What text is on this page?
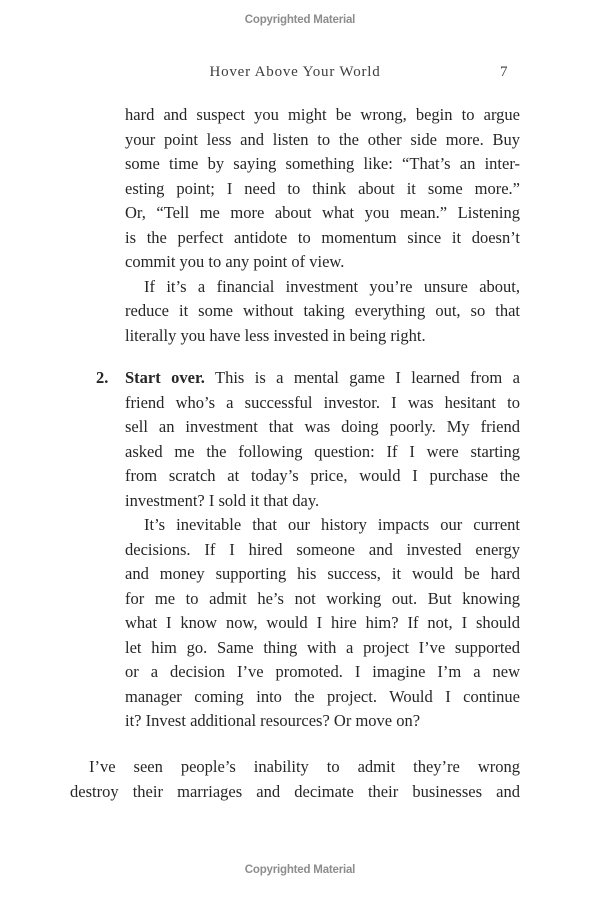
Copyrighted Material
Hover Above Your World	7
hard and suspect you might be wrong, begin to argue
your point less and listen to the other side more. Buy
some time by saying something like: “That’s an inter-
esting point; I need to think about it some more.”
Or, “Tell me more about what you mean.” Listening
is the perfect antidote to momentum since it doesn’t
commit you to any point of view.
If it’s a financial investment you’re unsure about,
reduce it some without taking everything out, so that
literally you have less invested in being right.
2. Start over. This is a mental game I learned from a
friend who’s a successful investor. I was hesitant to
sell an investment that was doing poorly. My friend
asked me the following question: If I were starting
from scratch at today’s price, would I purchase the
investment? I sold it that day.
It’s inevitable that our history impacts our current
decisions. If I hired someone and invested energy
and money supporting his success, it would be hard
for me to admit he’s not working out. But knowing
what I know now, would I hire him? If not, I should
let him go. Same thing with a project I’ve supported
or a decision I’ve promoted. I imagine I’m a new
manager coming into the project. Would I continue
it? Invest additional resources? Or move on?
I’ve seen people’s inability to admit they’re wrong
destroy their marriages and decimate their businesses and
Copyrighted Material
